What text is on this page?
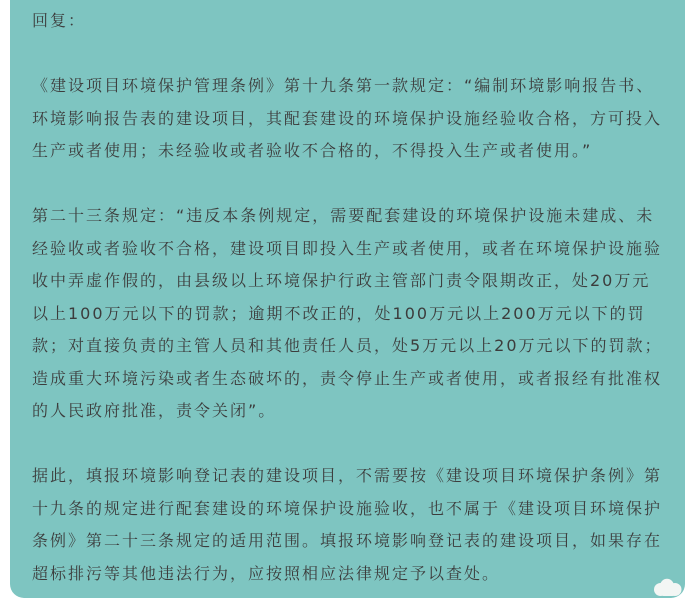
回复：

《建设项目环境保护管理条例》第十九条第一款规定：“编制环境影响报告书、环境影响报告表的建设项目，其配套建设的环境保护设施经验收合格，方可投入生产或者使用；未经验收或者验收不合格的，不得投入生产或者使用。”

第二十三条规定：“违反本条例规定，需要配套建设的环境保护设施未建成、未经验收或者验收不合格，建设项目即投入生产或者使用，或者在环境保护设施验收中弄虚作假的，由县级以上环境保护行政主管部门责令限期改正，处20万元以上100万元以下的罚款；逾期不改正的，处100万元以上200万元以下的罚款；对直接负责的主管人员和其他责任人员，处5万元以上20万元以下的罚款；造成重大环境污染或者生态破坏的，责令停止生产或者使用，或者报经有批准权的人民政府批准，责令关闭”。

据此，填报环境影响登记表的建设项目，不需要按《建设项目环境保护条例》第十九条的规定进行配套建设的环境保护设施验收，也不属于《建设项目环境保护条例》第二十三条规定的适用范围。填报环境影响登记表的建设项目，如果存在超标排污等其他违法行为，应按照相应法律规定予以查处。
